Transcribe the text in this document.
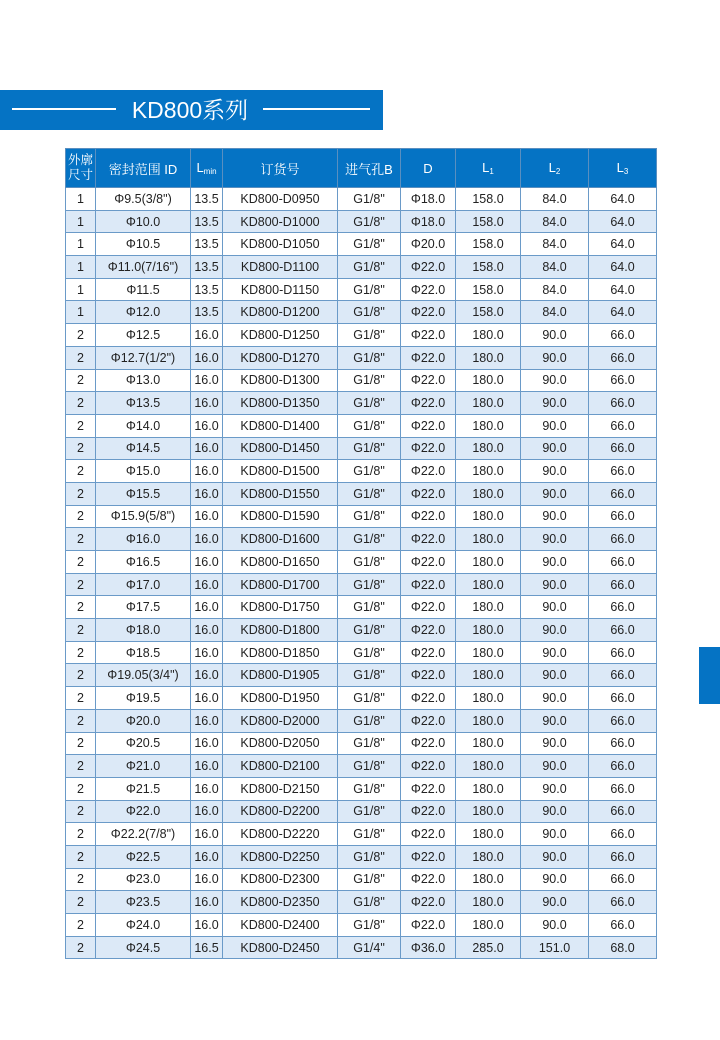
KD800系列
外廓
尺寸	密封范围 ID	$L_{min}$	订货号	进气孔B	D	$L_1$	$L_2$	$L_3$
1	Φ9.5(3/8")	13.5	KD800-D0950	G1/8"	Φ18.0	158.0	84.0	64.0
1	Φ10.0	13.5	KD800-D1000	G1/8"	Φ18.0	158.0	84.0	64.0
1	Φ10.5	13.5	KD800-D1050	G1/8"	Φ20.0	158.0	84.0	64.0
1	Φ11.0(7/16")	13.5	KD800-D1100	G1/8"	Φ22.0	158.0	84.0	64.0
1	Φ11.5	13.5	KD800-D1150	G1/8"	Φ22.0	158.0	84.0	64.0
1	Φ12.0	13.5	KD800-D1200	G1/8"	Φ22.0	158.0	84.0	64.0
2	Φ12.5	16.0	KD800-D1250	G1/8"	Φ22.0	180.0	90.0	66.0
2	Φ12.7(1/2")	16.0	KD800-D1270	G1/8"	Φ22.0	180.0	90.0	66.0
2	Φ13.0	16.0	KD800-D1300	G1/8"	Φ22.0	180.0	90.0	66.0
2	Φ13.5	16.0	KD800-D1350	G1/8"	Φ22.0	180.0	90.0	66.0
2	Φ14.0	16.0	KD800-D1400	G1/8"	Φ22.0	180.0	90.0	66.0
2	Φ14.5	16.0	KD800-D1450	G1/8"	Φ22.0	180.0	90.0	66.0
2	Φ15.0	16.0	KD800-D1500	G1/8"	Φ22.0	180.0	90.0	66.0
2	Φ15.5	16.0	KD800-D1550	G1/8"	Φ22.0	180.0	90.0	66.0
2	Φ15.9(5/8")	16.0	KD800-D1590	G1/8"	Φ22.0	180.0	90.0	66.0
2	Φ16.0	16.0	KD800-D1600	G1/8"	Φ22.0	180.0	90.0	66.0
2	Φ16.5	16.0	KD800-D1650	G1/8"	Φ22.0	180.0	90.0	66.0
2	Φ17.0	16.0	KD800-D1700	G1/8"	Φ22.0	180.0	90.0	66.0
2	Φ17.5	16.0	KD800-D1750	G1/8"	Φ22.0	180.0	90.0	66.0
2	Φ18.0	16.0	KD800-D1800	G1/8"	Φ22.0	180.0	90.0	66.0
2	Φ18.5	16.0	KD800-D1850	G1/8"	Φ22.0	180.0	90.0	66.0
2	Φ19.05(3/4")	16.0	KD800-D1905	G1/8"	Φ22.0	180.0	90.0	66.0
2	Φ19.5	16.0	KD800-D1950	G1/8"	Φ22.0	180.0	90.0	66.0
2	Φ20.0	16.0	KD800-D2000	G1/8"	Φ22.0	180.0	90.0	66.0
2	Φ20.5	16.0	KD800-D2050	G1/8"	Φ22.0	180.0	90.0	66.0
2	Φ21.0	16.0	KD800-D2100	G1/8"	Φ22.0	180.0	90.0	66.0
2	Φ21.5	16.0	KD800-D2150	G1/8"	Φ22.0	180.0	90.0	66.0
2	Φ22.0	16.0	KD800-D2200	G1/8"	Φ22.0	180.0	90.0	66.0
2	Φ22.2(7/8")	16.0	KD800-D2220	G1/8"	Φ22.0	180.0	90.0	66.0
2	Φ22.5	16.0	KD800-D2250	G1/8"	Φ22.0	180.0	90.0	66.0
2	Φ23.0	16.0	KD800-D2300	G1/8"	Φ22.0	180.0	90.0	66.0
2	Φ23.5	16.0	KD800-D2350	G1/8"	Φ22.0	180.0	90.0	66.0
2	Φ24.0	16.0	KD800-D2400	G1/8"	Φ22.0	180.0	90.0	66.0
2	Φ24.5	16.5	KD800-D2450	G1/4"	Φ36.0	285.0	151.0	68.0
